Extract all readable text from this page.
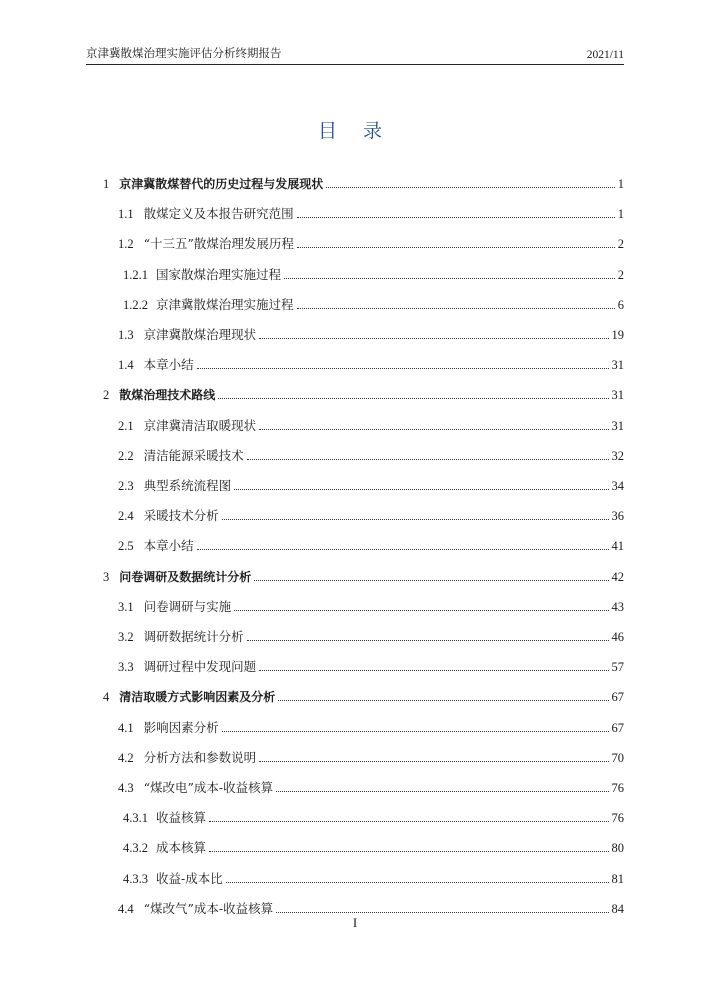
京津冀散煤治理实施评估分析终期报告	2021/11
目 录
1 京津冀散煤替代的历史过程与发展现状	1
1.1 散煤定义及本报告研究范围	1
1.2 “十三五”散煤治理发展历程	2
1.2.1 国家散煤治理实施过程	2
1.2.2 京津冀散煤治理实施过程	6
1.3 京津冀散煤治理现状	19
1.4 本章小结	31
2 散煤治理技术路线	31
2.1 京津冀清洁取暖现状	31
2.2 清洁能源采暖技术	32
2.3 典型系统流程图	34
2.4 采暖技术分析	36
2.5 本章小结	41
3 问卷调研及数据统计分析	42
3.1 问卷调研与实施	43
3.2 调研数据统计分析	46
3.3 调研过程中发现问题	57
4 清洁取暖方式影响因素及分析	67
4.1 影响因素分析	67
4.2 分析方法和参数说明	70
4.3 “煤改电”成本-收益核算	76
4.3.1 收益核算	76
4.3.2 成本核算	80
4.3.3 收益-成本比	81
4.4 “煤改气”成本-收益核算	84
I
